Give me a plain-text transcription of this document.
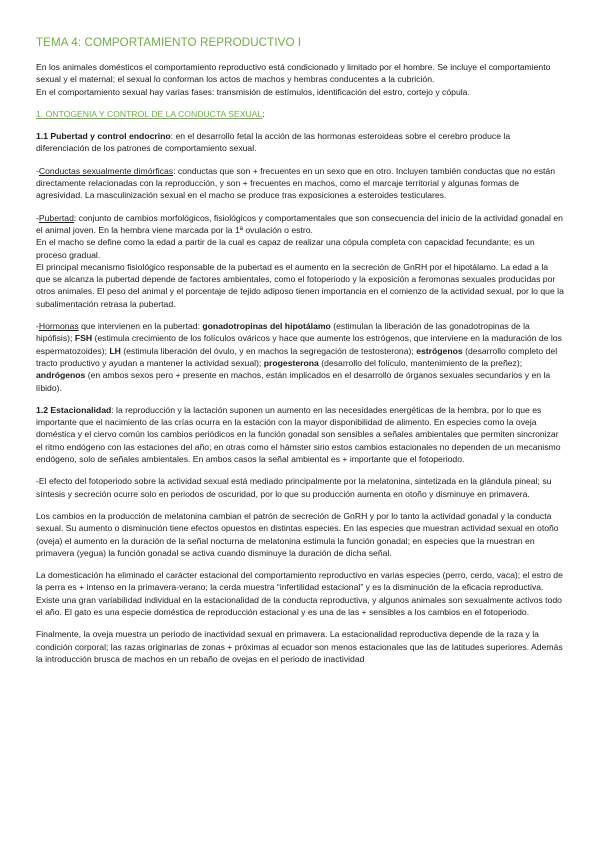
TEMA 4: COMPORTAMIENTO REPRODUCTIVO I

En los animales domésticos el comportamiento reproductivo está condicionado y limitado por el hombre. Se incluye el comportamiento sexual y el maternal; el sexual lo conforman los actos de machos y hembras conducentes a la cubrición.

En el comportamiento sexual hay varias fases: transmisión de estímulos, identificación del estro, cortejo y cópula.

1. ONTOGENIA Y CONTROL DE LA CONDUCTA SEXUAL:

1.1 Pubertad y control endocrino: en el desarrollo fetal la acción de las hormonas esteroideas sobre el cerebro produce la diferenciación de los patrones de comportamiento sexual.

-Conductas sexualmente dimórficas: conductas que son + frecuentes en un sexo que en otro. Incluyen también conductas que no están directamente relacionadas con la reproducción, y son + frecuentes en machos, como el marcaje territorial y algunas formas de agresividad. La masculinización sexual en el macho se produce tras exposiciones a esteroides testiculares.

-Pubertad: conjunto de cambios morfológicos, fisiológicos y comportamentales que son consecuencia del inicio de la actividad gonadal en el animal joven. En la hembra viene marcada por la 1ª ovulación o estro.

En el macho se define como la edad a partir de la cual es capaz de realizar una cópula completa con capacidad fecundante; es un proceso gradual.

El principal mecanismo fisiológico responsable de la pubertad es el aumento en la secreción de GnRH por el hipotálamo. La edad a la que se alcanza la pubertad depende de factores ambientales, como el fotoperiodo y la exposición a feromonas sexuales producidas por otros animales. El peso del animal y el porcentaje de tejido adiposo tienen importancia en el comienzo de la actividad sexual, por lo que la subalimentación retrasa la pubertad.

-Hormonas que intervienen en la pubertad: gonadotropinas del hipotálamo (estimulan la liberación de las gonadotropinas de la hipófisis); FSH (estimula crecimiento de los folículos ováricos y hace que aumente los estrógenos, que interviene en la maduración de los espermatozoides); LH (estimula liberación del óvulo, y en machos la segregación de testosterona); estrógenos (desarrollo completo del tracto productivo y ayudan a mantener la actividad sexual); progesterona (desarrollo del folículo, mantenimiento de la preñez); andrógenos (en ambos sexos pero + presente en machos, están implicados en el desarrollo de órganos sexuales secundarios y en la líbido).

1.2 Estacionalidad: la reproducción y la lactación suponen un aumento en las necesidades energéticas de la hembra, por lo que es importante que el nacimiento de las crías ocurra en la estación con la mayor disponibilidad de alimento. En especies como la oveja doméstica y el ciervo común los cambios periódicos en la función gonadal son sensibles a señales ambientales que permiten sincronizar el ritmo endógeno con las estaciones del año; en otras como el hámster sirio estos cambios estacionales no dependen de un mecanismo endógeno, solo de señales ambientales. En ambos casos la señal ambiental es + importante que el fotoperiodo.

-El efecto del fotoperiodo sobre la actividad sexual está mediado principalmente por la melatonina, sintetizada en la glándula pineal; su síntesis y secreción ocurre solo en periodos de oscuridad, por lo que su producción aumenta en otoño y disminuye en primavera.

Los cambios en la producción de melatonina cambian el patrón de secreción de GnRH y por lo tanto la actividad gonadal y la conducta sexual. Su aumento o disminución tiene efectos opuestos en distintas especies. En las especies que muestran actividad sexual en otoño (oveja) el aumento en la duración de la señal nocturna de melatonina estimula la función gonadal; en especies que la muestran en primavera (yegua) la función gonadal se activa cuando disminuye la duración de dicha señal.

La domesticación ha eliminado el carácter estacional del comportamiento reproductivo en varias especies (perro, cerdo, vaca); el estro de la perra es + intenso en la primavera-verano; la cerda muestra “infertilidad estacional” y es la disminución de la eficacia reproductiva. Existe una gran variabilidad individual en la estacionalidad de la conducta reproductiva, y algunos animales son sexualmente activos todo el año. El gato es una especie doméstica de reproducción estacional y es una de las + sensibles a los cambios en el fotoperiodo.

Finalmente, la oveja muestra un periodo de inactividad sexual en primavera. La estacionalidad reproductiva depende de la raza y la condición corporal; las razas originarias de zonas + próximas al ecuador son menos estacionales que las de latitudes superiores. Además la introducción brusca de machos en un rebaño de ovejas en el periodo de inactividad
